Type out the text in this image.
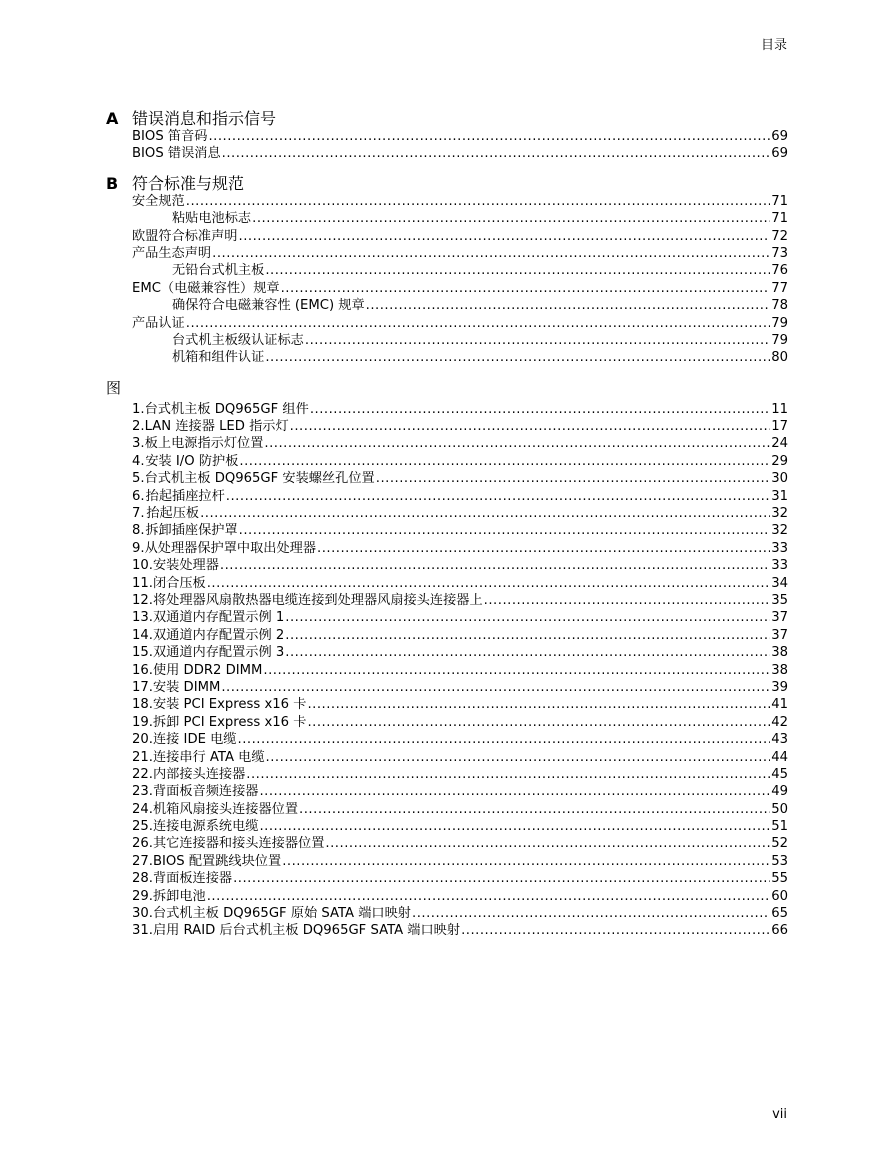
目录
A 错误消息和指示信号
BIOS 笛音码 .....	69
BIOS 错误消息 .....	69
B 符合标准与规范
安全规范 .....	71
粘贴电池标志 .....	71
欧盟符合标准声明 .....	72
产品生态声明 .....	73
无铅台式机主板 .....	76
EMC（电磁兼容性）规章 .....	77
确保符合电磁兼容性 (EMC) 规章 .....	78
产品认证 .....	79
台式机主板级认证标志 .....	79
机箱和组件认证 .....	80
图
1. 台式机主板 DQ965GF 组件 .....	11
2. LAN 连接器 LED 指示灯 .....	17
3. 板上电源指示灯位置 .....	24
4. 安装 I/O 防护板 .....	29
5. 台式机主板 DQ965GF 安装螺丝孔位置 .....	30
6. 抬起插座拉杆 .....	31
7. 抬起压板 .....	32
8. 拆卸插座保护罩 .....	32
9. 从处理器保护罩中取出处理器 .....	33
10. 安装处理器 .....	33
11. 闭合压板 .....	34
12. 将处理器风扇散热器电缆连接到处理器风扇接头连接器上 .....	35
13. 双通道内存配置示例 1 .....	37
14. 双通道内存配置示例 2 .....	37
15. 双通道内存配置示例 3 .....	38
16. 使用 DDR2 DIMM .....	38
17. 安装 DIMM .....	39
18. 安装 PCI Express x16 卡 .....	41
19. 拆卸 PCI Express x16 卡 .....	42
20. 连接 IDE 电缆 .....	43
21. 连接串行 ATA 电缆 .....	44
22. 内部接头连接器 .....	45
23. 背面板音频连接器 .....	49
24. 机箱风扇接头连接器位置 .....	50
25. 连接电源系统电缆 .....	51
26. 其它连接器和接头连接器位置 .....	52
27. BIOS 配置跳线块位置 .....	53
28. 背面板连接器 .....	55
29. 拆卸电池 .....	60
30. 台式机主板 DQ965GF 原始 SATA 端口映射 .....	65
31. 启用 RAID 后台式机主板 DQ965GF SATA 端口映射 .....	66
vii
